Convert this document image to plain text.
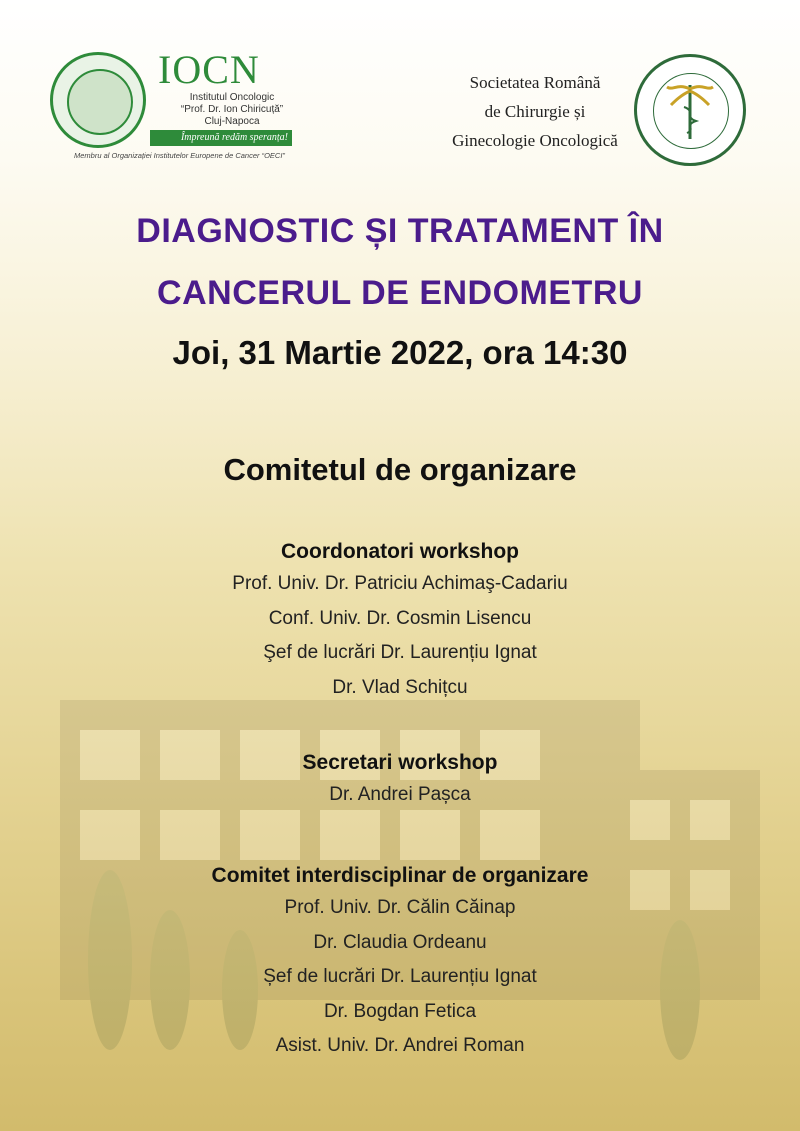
IOCN
Institutul Oncologic
“Prof. Dr. Ion Chiricuță”
Cluj-Napoca
Împreună redăm speranța!
Membru al Organizației Institutelor Europene de Cancer “OECI”
Societatea Română
de Chirurgie și
Ginecologie Oncologică
DIAGNOSTIC ȘI TRATAMENT ÎN
CANCERUL DE ENDOMETRU
Joi, 31 Martie 2022, ora 14:30
Comitetul de organizare
Coordonatori workshop
Prof. Univ. Dr. Patriciu Achimaş-Cadariu
Conf. Univ. Dr. Cosmin Lisencu
Şef de lucrări Dr. Laurențiu Ignat
Dr. Vlad Schițcu
Secretari workshop
Dr. Andrei Pașca
Comitet interdisciplinar de organizare
Prof. Univ. Dr. Călin Căinap
Dr. Claudia Ordeanu
Șef de lucrări Dr. Laurențiu Ignat
Dr. Bogdan Fetica
Asist. Univ. Dr. Andrei Roman
